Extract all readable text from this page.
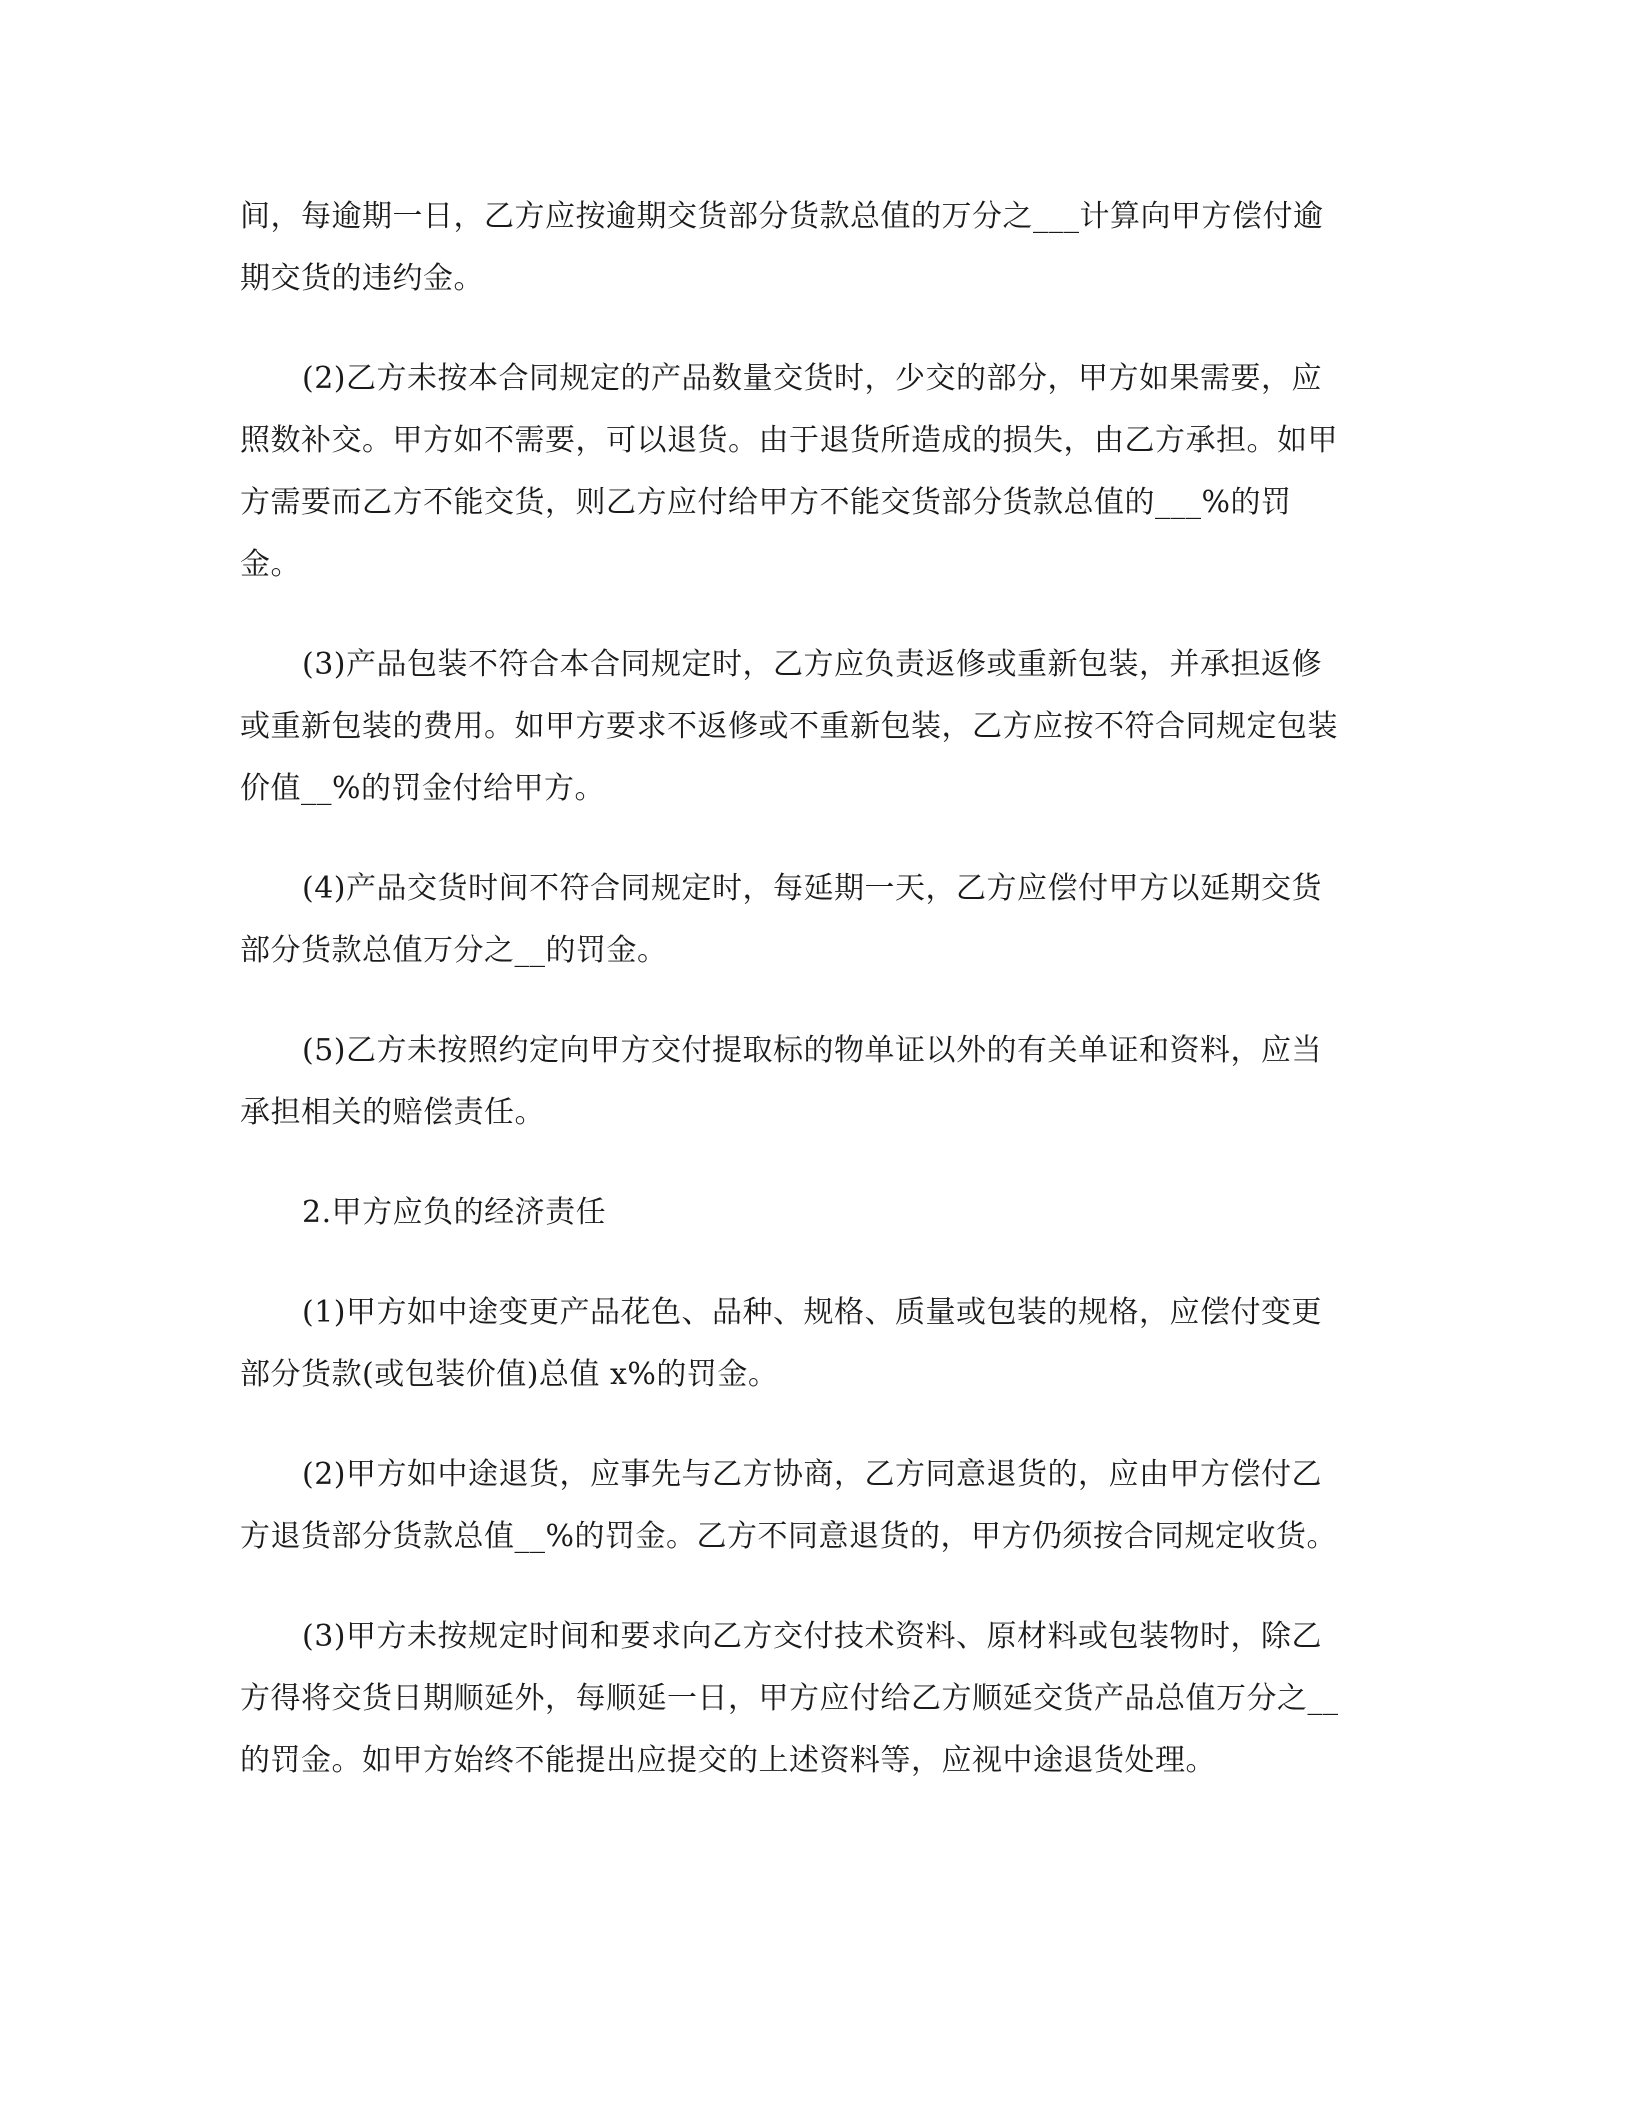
间，每逾期一日，乙方应按逾期交货部分货款总值的万分之___计算向甲方偿付逾
期交货的违约金。

(2)乙方未按本合同规定的产品数量交货时，少交的部分，甲方如果需要，应
照数补交。甲方如不需要，可以退货。由于退货所造成的损失，由乙方承担。如甲
方需要而乙方不能交货，则乙方应付给甲方不能交货部分货款总值的___%的罚
金。

(3)产品包装不符合本合同规定时，乙方应负责返修或重新包装，并承担返修
或重新包装的费用。如甲方要求不返修或不重新包装，乙方应按不符合同规定包装
价值__%的罚金付给甲方。

(4)产品交货时间不符合同规定时，每延期一天，乙方应偿付甲方以延期交货
部分货款总值万分之__的罚金。

(5)乙方未按照约定向甲方交付提取标的物单证以外的有关单证和资料，应当
承担相关的赔偿责任。

2.甲方应负的经济责任

(1)甲方如中途变更产品花色、品种、规格、质量或包装的规格，应偿付变更
部分货款(或包装价值)总值 x%的罚金。

(2)甲方如中途退货，应事先与乙方协商，乙方同意退货的，应由甲方偿付乙
方退货部分货款总值__%的罚金。乙方不同意退货的，甲方仍须按合同规定收货。

(3)甲方未按规定时间和要求向乙方交付技术资料、原材料或包装物时，除乙
方得将交货日期顺延外，每顺延一日，甲方应付给乙方顺延交货产品总值万分之__
的罚金。如甲方始终不能提出应提交的上述资料等，应视中途退货处理。
